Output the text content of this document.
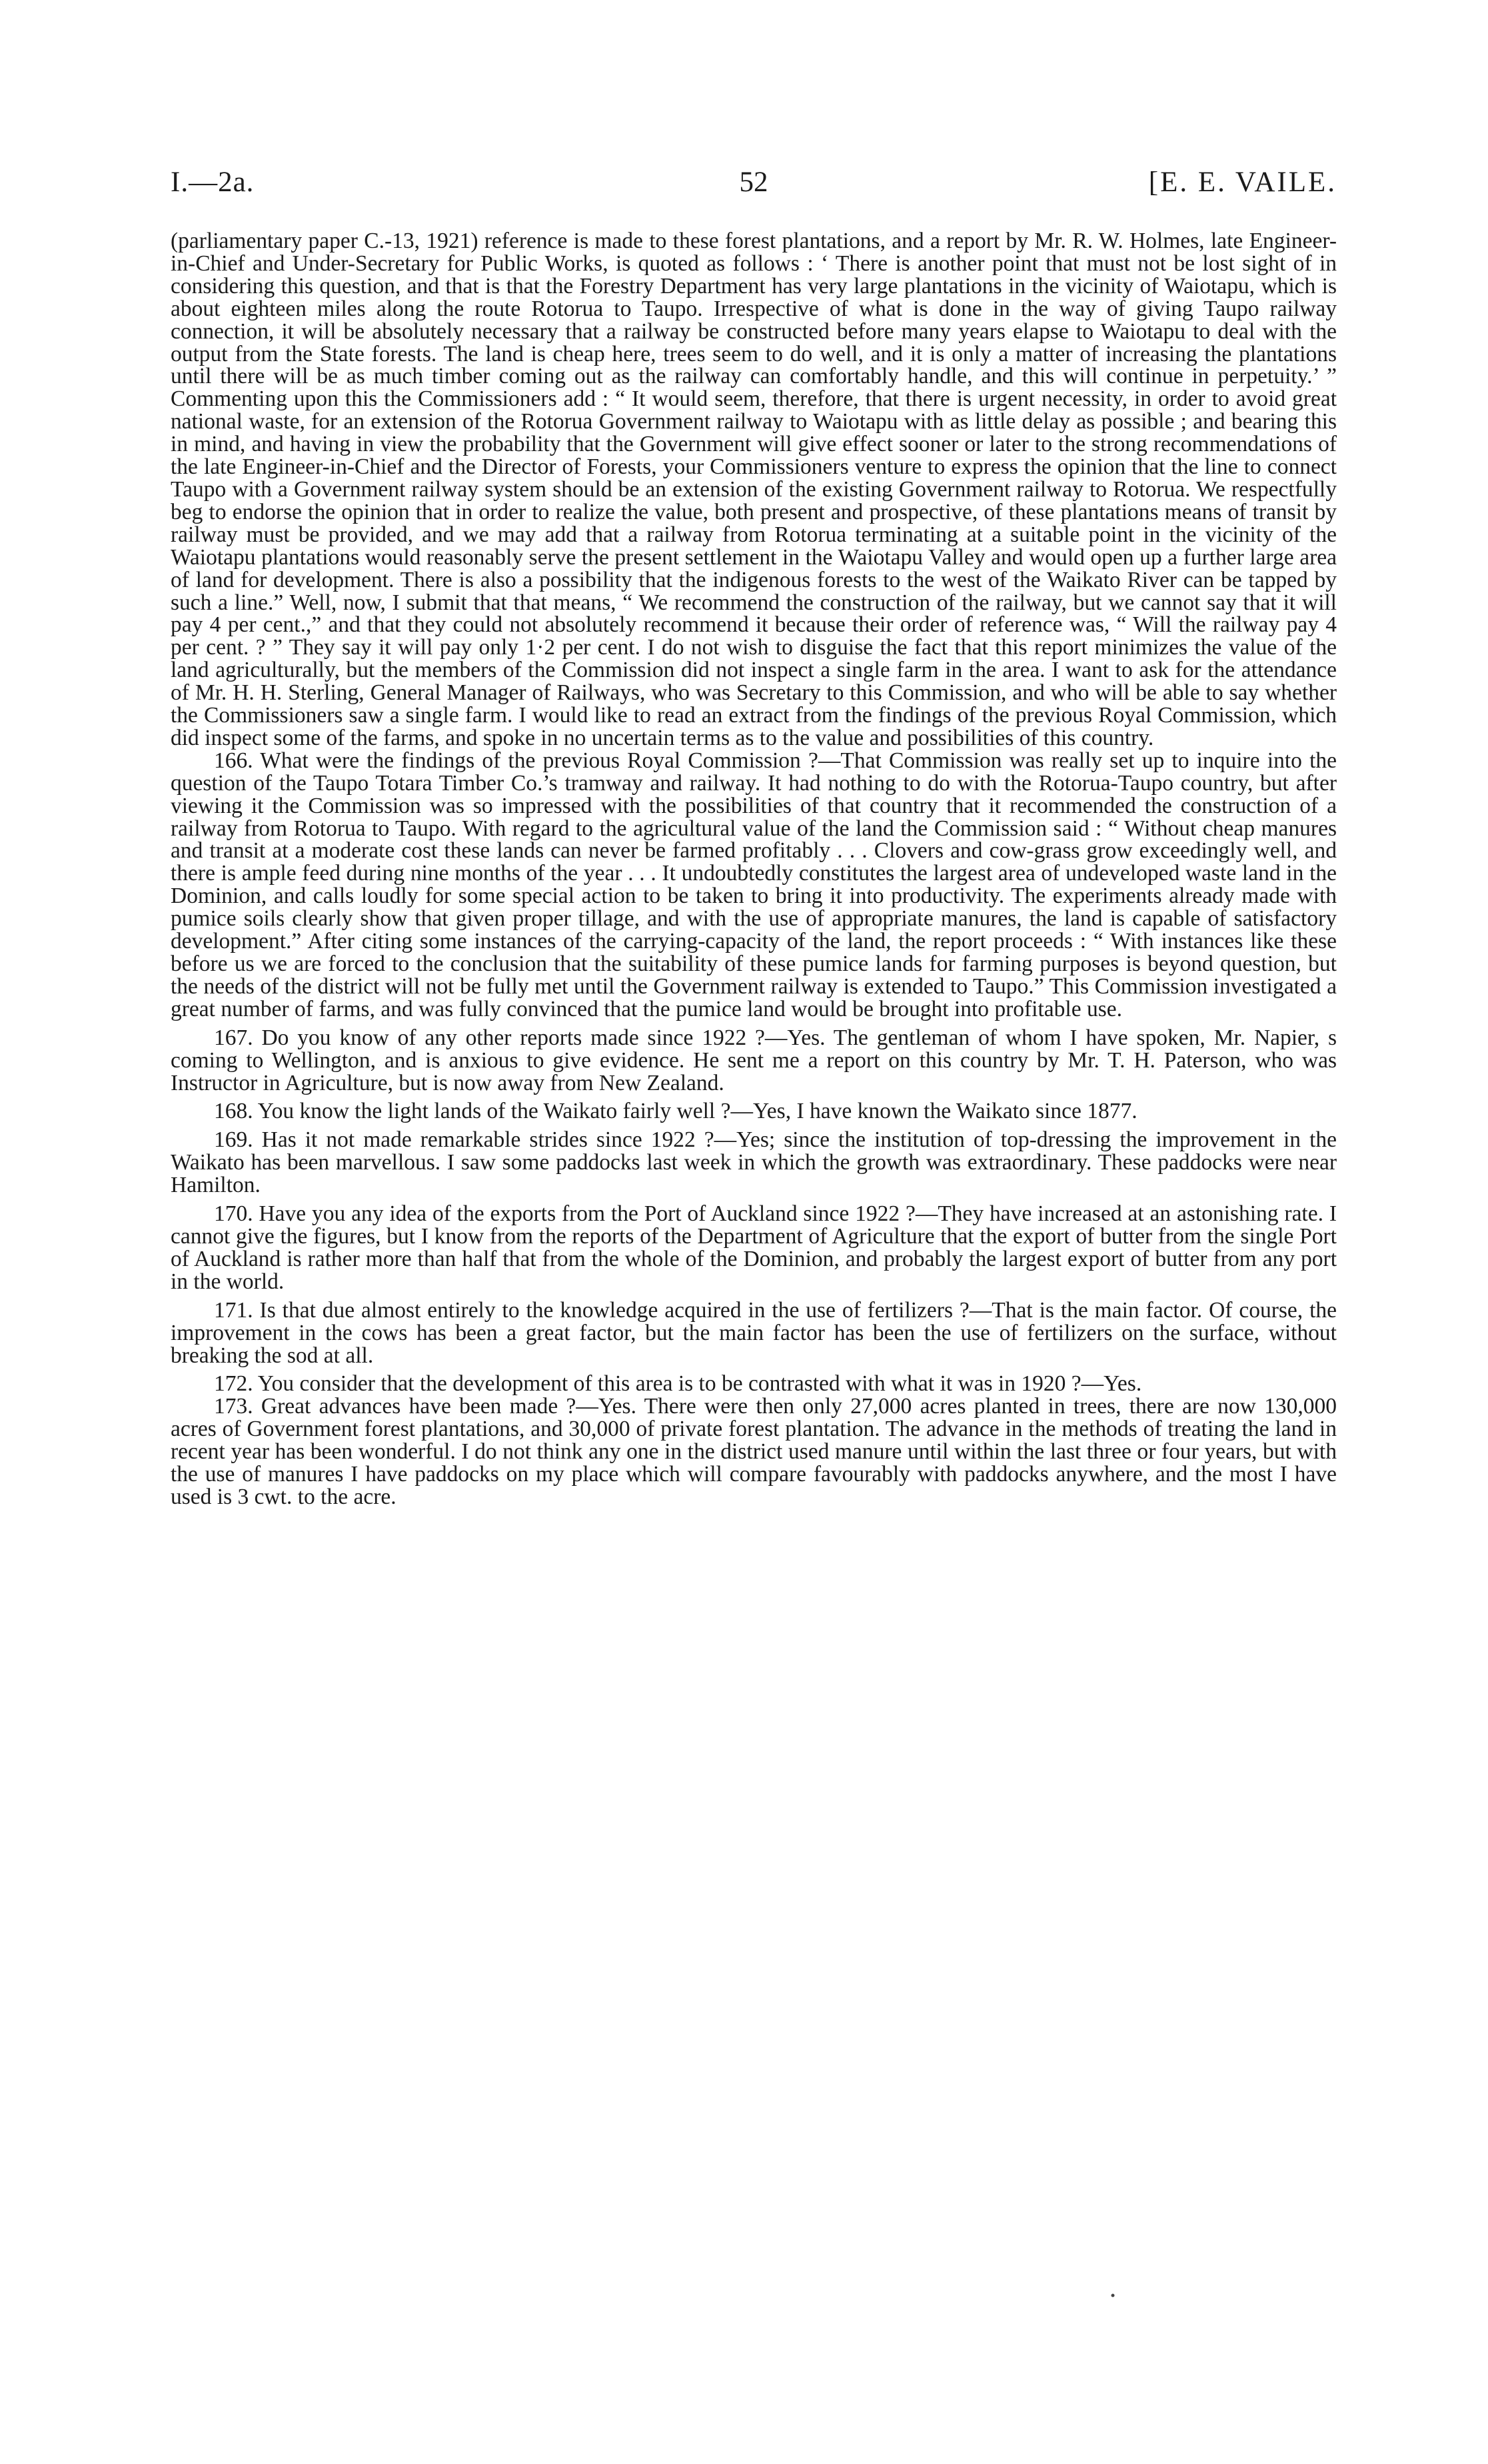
I.—2a.	52	[E. E. VAILE.

(parliamentary paper C.-13, 1921) reference is made to these forest plantations, and a report by Mr. R. W. Holmes, late Engineer-in-Chief and Under-Secretary for Public Works, is quoted as follows : ‘ There is another point that must not be lost sight of in considering this question, and that is that the Forestry Department has very large plantations in the vicinity of Waiotapu, which is about eighteen miles along the route Rotorua to Taupo. Irrespective of what is done in the way of giving Taupo railway connection, it will be absolutely necessary that a railway be constructed before many years elapse to Waiotapu to deal with the output from the State forests. The land is cheap here, trees seem to do well, and it is only a matter of increasing the plantations until there will be as much timber coming out as the railway can comfortably handle, and this will continue in perpetuity.’ ” Commenting upon this the Commissioners add : “ It would seem, therefore, that there is urgent necessity, in order to avoid great national waste, for an extension of the Rotorua Government railway to Waiotapu with as little delay as possible ; and bearing this in mind, and having in view the probability that the Government will give effect sooner or later to the strong recommendations of the late Engineer-in-Chief and the Director of Forests, your Commissioners venture to express the opinion that the line to connect Taupo with a Government railway system should be an extension of the existing Government railway to Rotorua. We respectfully beg to endorse the opinion that in order to realize the value, both present and prospective, of these plantations means of transit by railway must be provided, and we may add that a railway from Rotorua terminating at a suitable point in the vicinity of the Waiotapu plantations would reasonably serve the present settlement in the Waiotapu Valley and would open up a further large area of land for development. There is also a possibility that the indigenous forests to the west of the Waikato River can be tapped by such a line.” Well, now, I submit that that means, “ We recommend the construction of the railway, but we cannot say that it will pay 4 per cent.,” and that they could not absolutely recommend it because their order of reference was, “ Will the railway pay 4 per cent. ? ” They say it will pay only 1·2 per cent. I do not wish to disguise the fact that this report minimizes the value of the land agriculturally, but the members of the Commission did not inspect a single farm in the area. I want to ask for the attendance of Mr. H. H. Sterling, General Manager of Railways, who was Secretary to this Commission, and who will be able to say whether the Commissioners saw a single farm. I would like to read an extract from the findings of the previous Royal Commission, which did inspect some of the farms, and spoke in no uncertain terms as to the value and possibilities of this country.

166. What were the findings of the previous Royal Commission ?—That Commission was really set up to inquire into the question of the Taupo Totara Timber Co.’s tramway and railway. It had nothing to do with the Rotorua-Taupo country, but after viewing it the Commission was so impressed with the possibilities of that country that it recommended the construction of a railway from Rotorua to Taupo. With regard to the agricultural value of the land the Commission said : “ Without cheap manures and transit at a moderate cost these lands can never be farmed profitably . . . Clovers and cow-grass grow exceedingly well, and there is ample feed during nine months of the year . . . It undoubtedly constitutes the largest area of undeveloped waste land in the Dominion, and calls loudly for some special action to be taken to bring it into productivity. The experiments already made with pumice soils clearly show that given proper tillage, and with the use of appropriate manures, the land is capable of satisfactory development.” After citing some instances of the carrying-capacity of the land, the report proceeds : “ With instances like these before us we are forced to the conclusion that the suitability of these pumice lands for farming purposes is beyond question, but the needs of the district will not be fully met until the Government railway is extended to Taupo.” This Commission investigated a great number of farms, and was fully convinced that the pumice land would be brought into profitable use.

167. Do you know of any other reports made since 1922 ?—Yes. The gentleman of whom I have spoken, Mr. Napier, s coming to Wellington, and is anxious to give evidence. He sent me a report on this country by Mr. T. H. Paterson, who was Instructor in Agriculture, but is now away from New Zealand.

168. You know the light lands of the Waikato fairly well ?—Yes, I have known the Waikato since 1877.

169. Has it not made remarkable strides since 1922 ?—Yes; since the institution of top-dressing the improvement in the Waikato has been marvellous. I saw some paddocks last week in which the growth was extraordinary. These paddocks were near Hamilton.

170. Have you any idea of the exports from the Port of Auckland since 1922 ?—They have increased at an astonishing rate. I cannot give the figures, but I know from the reports of the Department of Agriculture that the export of butter from the single Port of Auckland is rather more than half that from the whole of the Dominion, and probably the largest export of butter from any port in the world.

171. Is that due almost entirely to the knowledge acquired in the use of fertilizers ?—That is the main factor. Of course, the improvement in the cows has been a great factor, but the main factor has been the use of fertilizers on the surface, without breaking the sod at all.

172. You consider that the development of this area is to be contrasted with what it was in 1920 ?—Yes.

173. Great advances have been made ?—Yes. There were then only 27,000 acres planted in trees, there are now 130,000 acres of Government forest plantations, and 30,000 of private forest plantation. The advance in the methods of treating the land in recent year has been wonderful. I do not think any one in the district used manure until within the last three or four years, but with the use of manures I have paddocks on my place which will compare favourably with paddocks anywhere, and the most I have used is 3 cwt. to the acre.
